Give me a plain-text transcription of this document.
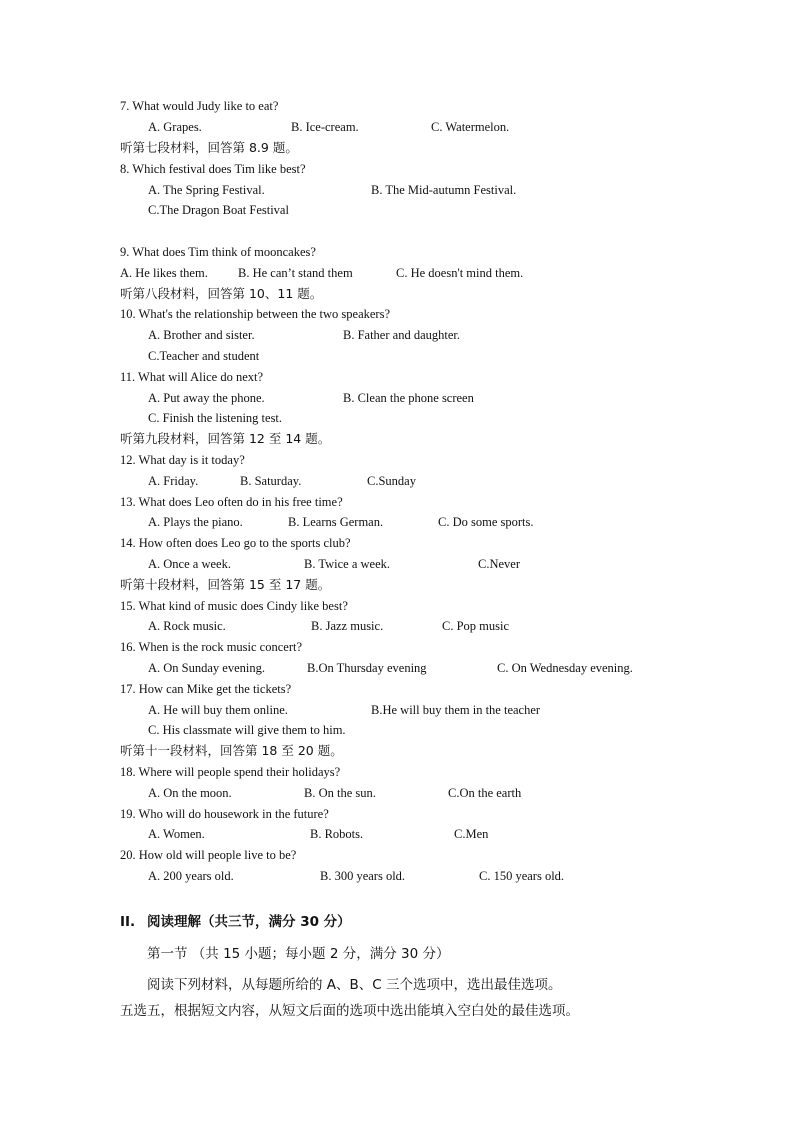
7. What would Judy like to eat?
A. Grapes.	B. Ice-cream.	C. Watermelon.
听第七段材料，回答第 8.9 题。
8. Which festival does Tim like best?
A. The Spring Festival.	B. The Mid-autumn Festival.
C.The Dragon Boat Festival
9. What does Tim think of mooncakes?
A. He likes them. B. He can’t stand them	C. He doesn't mind them.
听第八段材料，回答第 10、11 题。
10. What's the relationship between the two speakers?
A. Brother and sister.	B. Father and daughter.
C.Teacher and student
11. What will Alice do next?
A. Put away the phone.	B. Clean the phone screen
C. Finish the listening test.
听第九段材料，回答第 12 至 14 题。
12. What day is it today?
A. Friday.	B. Saturday.	C.Sunday
13. What does Leo often do in his free time?
A. Plays the piano.	B. Learns German.	C. Do some sports.
14. How often does Leo go to the sports club?
A. Once a week.	B. Twice a week.	C.Never
听第十段材料，回答第 15 至 17 题。
15. What kind of music does Cindy like best?
A. Rock music.	B. Jazz music.	C. Pop music
16. When is the rock music concert?
A. On Sunday evening.	B.On Thursday evening	C. On Wednesday evening.
17. How can Mike get the tickets?
A. He will buy them online.	B.He will buy them in the teacher
C. His classmate will give them to him.
听第十一段材料，回答第 18 至 20 题。
18. Where will people spend their holidays?
A. On the moon.	B. On the sun.	C.On the earth
19. Who will do housework in the future?
A. Women.	B. Robots.	C.Men
20. How old will people live to be?
A. 200 years old.	B. 300 years old.	C. 150 years old.
II. 阅读理解（共三节，满分 30 分）
第一节 （共 15 小题；每小题 2 分，满分 30 分）
阅读下列材料，从每题所给的 A、B、C 三个选项中，选出最佳选项。
五选五，根据短文内容，从短文后面的选项中选出能填入空白处的最佳选项。
